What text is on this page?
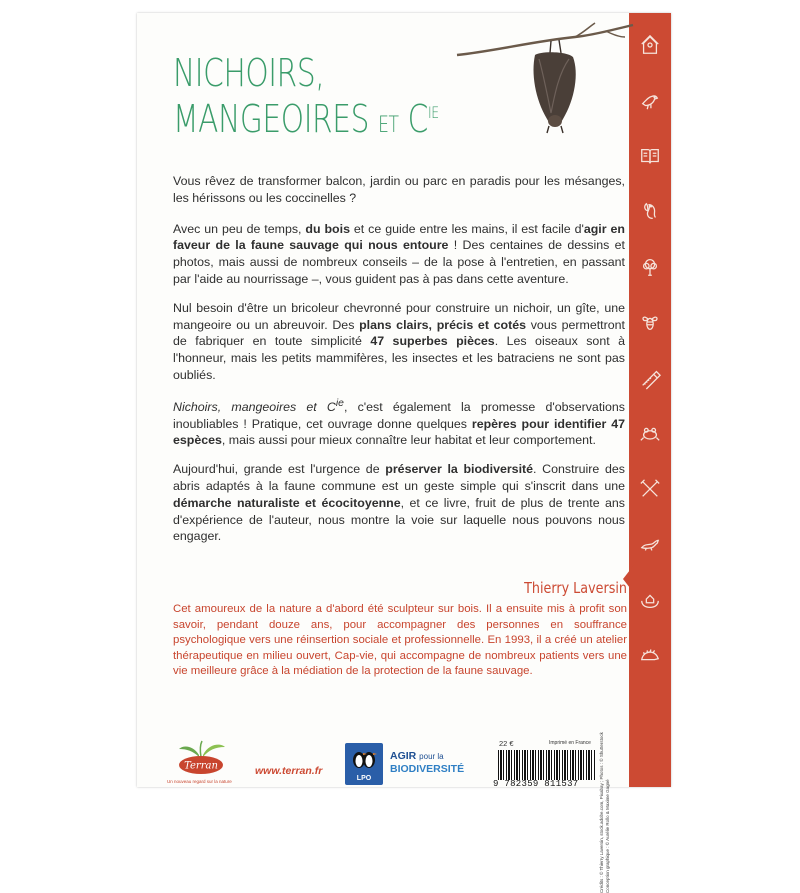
NICHOIRS,
MANGEOIRES ET $C^{IE}$

Vous rêvez de transformer balcon, jardin ou parc en paradis pour les mésanges, les hérissons ou les coccinelles ?

Avec un peu de temps, du bois et ce guide entre les mains, il est facile d'agir en faveur de la faune sauvage qui nous entoure ! Des centaines de dessins et photos, mais aussi de nombreux conseils – de la pose à l'entretien, en passant par l'aide au nourrissage –, vous guident pas à pas dans cette aventure.

Nul besoin d'être un bricoleur chevronné pour construire un nichoir, un gîte, une mangeoire ou un abreuvoir. Des plans clairs, précis et cotés vous permettront de fabriquer en toute simplicité 47 superbes pièces. Les oiseaux sont à l'honneur, mais les petits mammifères, les insectes et les batraciens ne sont pas oubliés.

Nichoirs, mangeoires et $C^{ie}$, c'est également la promesse d'observations inoubliables ! Pratique, cet ouvrage donne quelques repères pour identifier 47 espèces, mais aussi pour mieux connaître leur habitat et leur comportement.

Aujourd'hui, grande est l'urgence de préserver la biodiversité. Construire des abris adaptés à la faune commune est un geste simple qui s'inscrit dans une démarche naturaliste et écocitoyenne, et ce livre, fruit de plus de trente ans d'expérience de l'auteur, nous montre la voie sur laquelle nous pouvons nous engager.

Thierry Laversin
Cet amoureux de la nature a d'abord été sculpteur sur bois. Il a ensuite mis à profit son savoir, pendant douze ans, pour accompagner des personnes en souffrance psychologique vers une réinsertion sociale et professionnelle. En 1993, il a créé un atelier thérapeutique en milieu ouvert, Cap-vie, qui accompagne de nombreux patients vers une vie meilleure grâce à la médiation de la protection de la faune sauvage.
Terran
Un nouveau regard sur la nature
www.terran.fr
LPO
AGIR pour la
BIODIVERSITÉ
22 €	Imprimé en France
9 782359 811537	Crédits : © Thierry Laversin, stock.adobe.com, Pixabay ; Photos : © Shutterstock Conception graphique : © Aurélie Rollo & Maxime Gagné
